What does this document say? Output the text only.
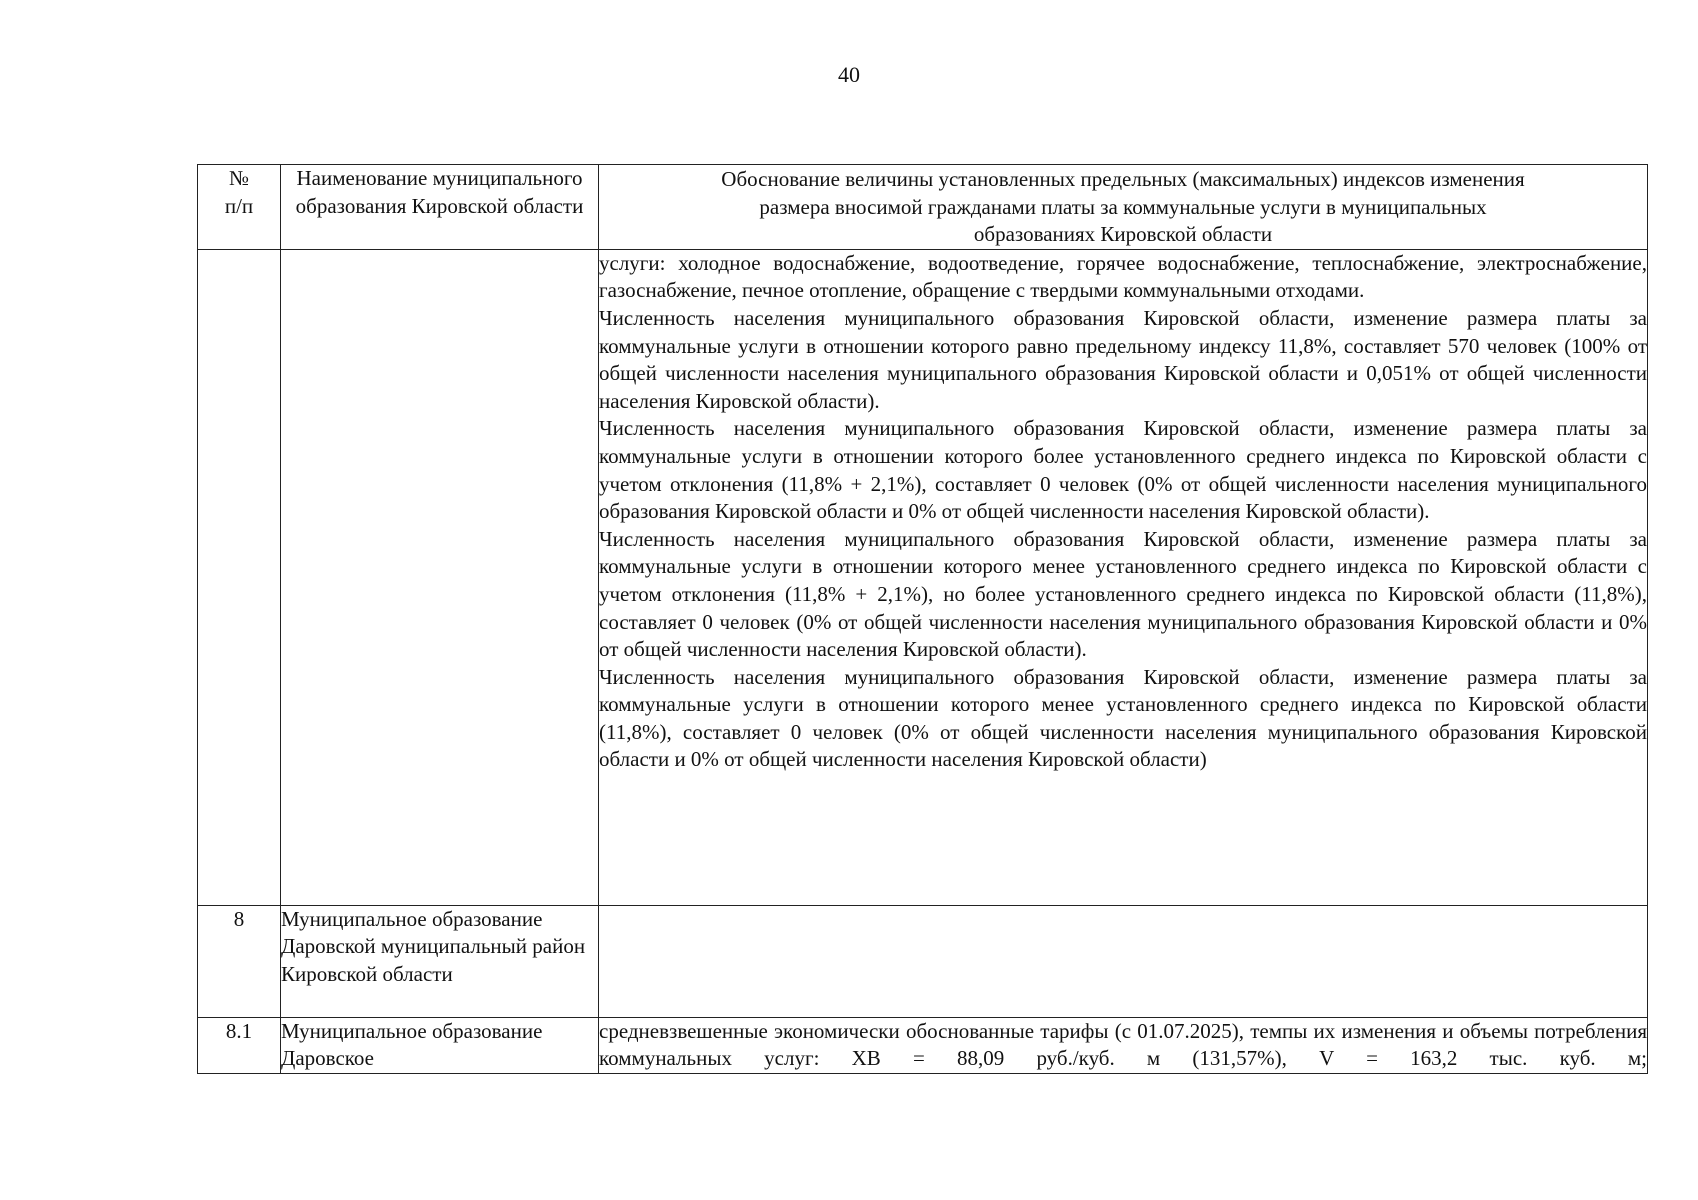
40
№
п/п	Наименование муниципального образования Кировской области	Обоснование величины установленных предельных (максимальных) индексов изменения размера вносимой гражданами платы за коммунальные услуги в муниципальных образованиях Кировской области

		услуги: холодное водоснабжение, водоотведение, горячее водоснабжение, теплоснабжение, электроснабжение, газоснабжение, печное отопление, обращение с твердыми коммунальными отходами.

Численность населения муниципального образования Кировской области, изменение размера платы за коммунальные услуги в отношении которого равно предельному индексу 11,8%, составляет 570 человек (100% от общей численности населения муниципального образования Кировской области и 0,051% от общей численности населения Кировской области).

Численность населения муниципального образования Кировской области, изменение размера платы за коммунальные услуги в отношении которого более установленного среднего индекса по Кировской области с учетом отклонения (11,8% + 2,1%), составляет 0 человек (0% от общей численности населения муниципального образования Кировской области и 0% от общей численности населения Кировской области).

Численность населения муниципального образования Кировской области, изменение размера платы за коммунальные услуги в отношении которого менее установленного среднего индекса по Кировской области с учетом отклонения (11,8% + 2,1%), но более установленного среднего индекса по Кировской области (11,8%), составляет 0 человек (0% от общей численности населения муниципального образования Кировской области и 0% от общей численности населения Кировской области).

Численность населения муниципального образования Кировской области, изменение размера платы за коммунальные услуги в отношении которого менее установленного среднего индекса по Кировской области (11,8%), составляет 0 человек (0% от общей численности населения муниципального образования Кировской области и 0% от общей численности населения Кировской области)

8	Муниципальное образование Даровской муниципальный район Кировской области	
8.1	Муниципальное образование Даровское	средневзвешенные экономически обоснованные тарифы (с 01.07.2025), темпы их изменения и объемы потребления коммунальных услуг: ХВ = 88,09 руб./куб. м (131,57%), V = 163,2 тыс. куб. м;
